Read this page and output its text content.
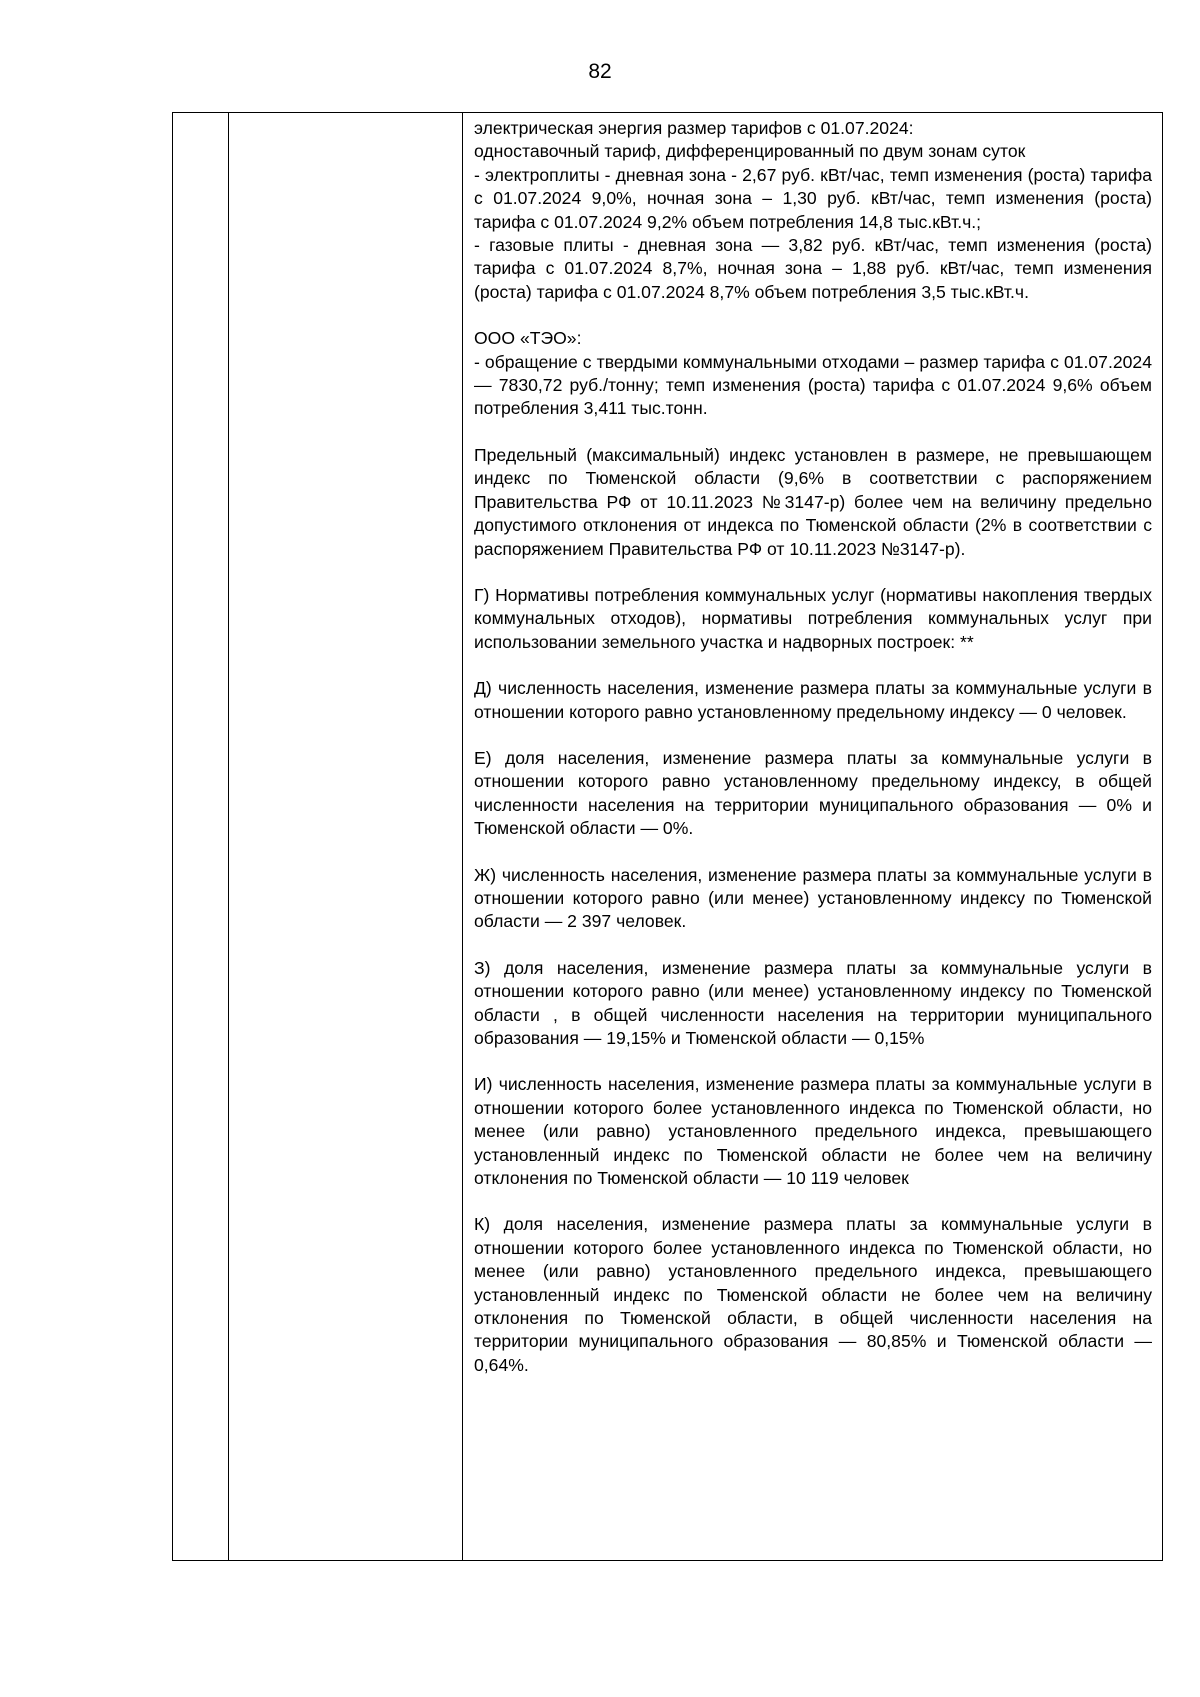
82

электрическая энергия размер тарифов с 01.07.2024:

одноставочный тариф, дифференцированный по двум зонам суток

- электроплиты - дневная зона - 2,67 руб. кВт/час, темп изменения (роста) тарифа с 01.07.2024 9,0%, ночная зона – 1,30 руб. кВт/час, темп изменения (роста) тарифа с 01.07.2024 9,2% объем потребления 14,8 тыс.кВт.ч.;

- газовые плиты - дневная зона — 3,82 руб. кВт/час, темп изменения (роста) тарифа с 01.07.2024 8,7%, ночная зона – 1,88 руб. кВт/час, темп изменения (роста) тарифа с 01.07.2024 8,7% объем потребления 3,5 тыс.кВт.ч.

ООО «ТЭО»:

- обращение с твердыми коммунальными отходами – размер тарифа с 01.07.2024 — 7830,72 руб./тонну; темп изменения (роста) тарифа с 01.07.2024 9,6% объем потребления 3,411 тыс.тонн.

Предельный (максимальный) индекс установлен в размере, не превышающем индекс по Тюменской области (9,6% в соответствии с распоряжением Правительства РФ от 10.11.2023 №3147-р) более чем на величину предельно допустимого отклонения от индекса по Тюменской области (2% в соответствии с распоряжением Правительства РФ от 10.11.2023 №3147-р).

Г) Нормативы потребления коммунальных услуг (нормативы накопления твердых коммунальных отходов), нормативы потребления коммунальных услуг при использовании земельного участка и надворных построек: **

Д) численность населения, изменение размера платы за коммунальные услуги в отношении которого равно установленному предельному индексу — 0 человек.

Е) доля населения, изменение размера платы за коммунальные услуги в отношении которого равно установленному предельному индексу, в общей численности населения на территории муниципального образования — 0% и Тюменской области — 0%.

Ж) численность населения, изменение размера платы за коммунальные услуги в отношении которого равно (или менее) установленному индексу по Тюменской области — 2 397 человек.

З) доля населения, изменение размера платы за коммунальные услуги в отношении которого равно (или менее) установленному индексу по Тюменской области , в общей численности населения на территории муниципального образования — 19,15% и Тюменской области — 0,15%

И) численность населения, изменение размера платы за коммунальные услуги в отношении которого более установленного индекса по Тюменской области, но менее (или равно) установленного предельного индекса, превышающего установленный индекс по Тюменской области не более чем на величину отклонения по Тюменской области — 10 119 человек

К) доля населения, изменение размера платы за коммунальные услуги в отношении которого более установленного индекса по Тюменской области, но менее (или равно) установленного предельного индекса, превышающего установленный индекс по Тюменской области не более чем на величину отклонения по Тюменской области, в общей численности населения на территории муниципального образования — 80,85% и Тюменской области — 0,64%.
